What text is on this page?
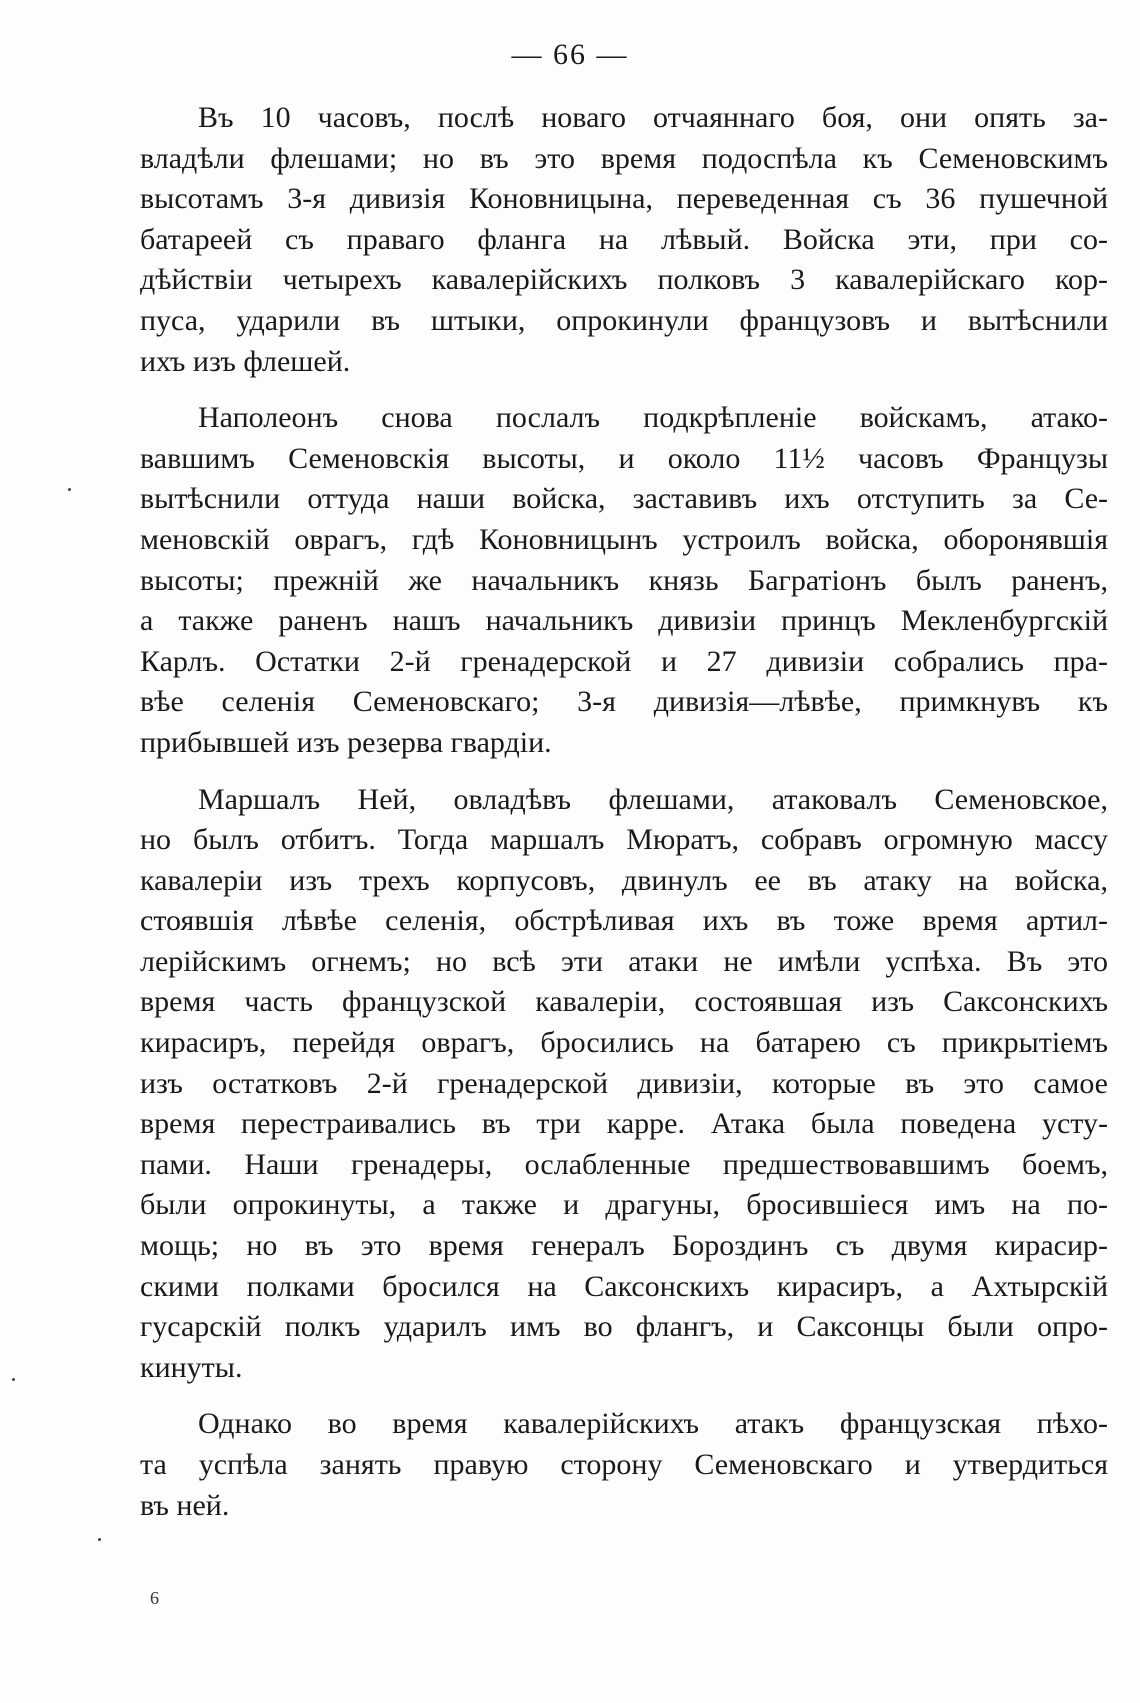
— 66 —
Въ 10 часовъ, послѣ новаго отчаяннаго боя, они опять за-
владѣли флешами; но въ это время подоспѣла къ Семеновскимъ
высотамъ 3-я дивизія Коновницына, переведенная съ 36 пушечной
батареей съ праваго фланга на лѣвый. Войска эти, при со-
дѣйствіи четырехъ кавалерійскихъ полковъ 3 кавалерійскаго кор-
пуса, ударили въ штыки, опрокинули французовъ и вытѣснили
ихъ изъ флешей.
Наполеонъ снова послалъ подкрѣпленіе войскамъ, атако-
вавшимъ Семеновскія высоты, и около 11½ часовъ Французы
вытѣснили оттуда наши войска, заставивъ ихъ отступить за Се-
меновскій оврагъ, гдѣ Коновницынъ устроилъ войска, оборонявшія
высоты; прежній же начальникъ князь Багратіонъ былъ раненъ,
а также раненъ нашъ начальникъ дивизіи принцъ Мекленбургскій
Карлъ. Остатки 2-й гренадерской и 27 дивизіи собрались пра-
вѣе селенія Семеновскаго; 3-я дивизія—лѣвѣе, примкнувъ къ
прибывшей изъ резерва гвардіи.
Маршалъ Ней, овладѣвъ флешами, атаковалъ Семеновское,
но былъ отбитъ. Тогда маршалъ Мюратъ, собравъ огромную массу
кавалеріи изъ трехъ корпусовъ, двинулъ ее въ атаку на войска,
стоявшія лѣвѣе селенія, обстрѣливая ихъ въ тоже время артил-
лерійскимъ огнемъ; но всѣ эти атаки не имѣли успѣха. Въ это
время часть французской кавалеріи, состоявшая изъ Саксонскихъ
кирасиръ, перейдя оврагъ, бросились на батарею съ прикрытіемъ
изъ остатковъ 2-й гренадерской дивизіи, которые въ это самое
время перестраивались въ три карре. Атака была поведена усту-
пами. Наши гренадеры, ослабленные предшествовавшимъ боемъ,
были опрокинуты, а также и драгуны, бросившіеся имъ на по-
мощь; но въ это время генералъ Бороздинъ съ двумя кирасир-
скими полками бросился на Саксонскихъ кирасиръ, а Ахтырскій
гусарскій полкъ ударилъ имъ во флангъ, и Саксонцы были опро-
кинуты.
Однако во время кавалерійскихъ атакъ французская пѣхо-
та успѣла занять правую сторону Семеновскаго и утвердиться
въ ней.
6
